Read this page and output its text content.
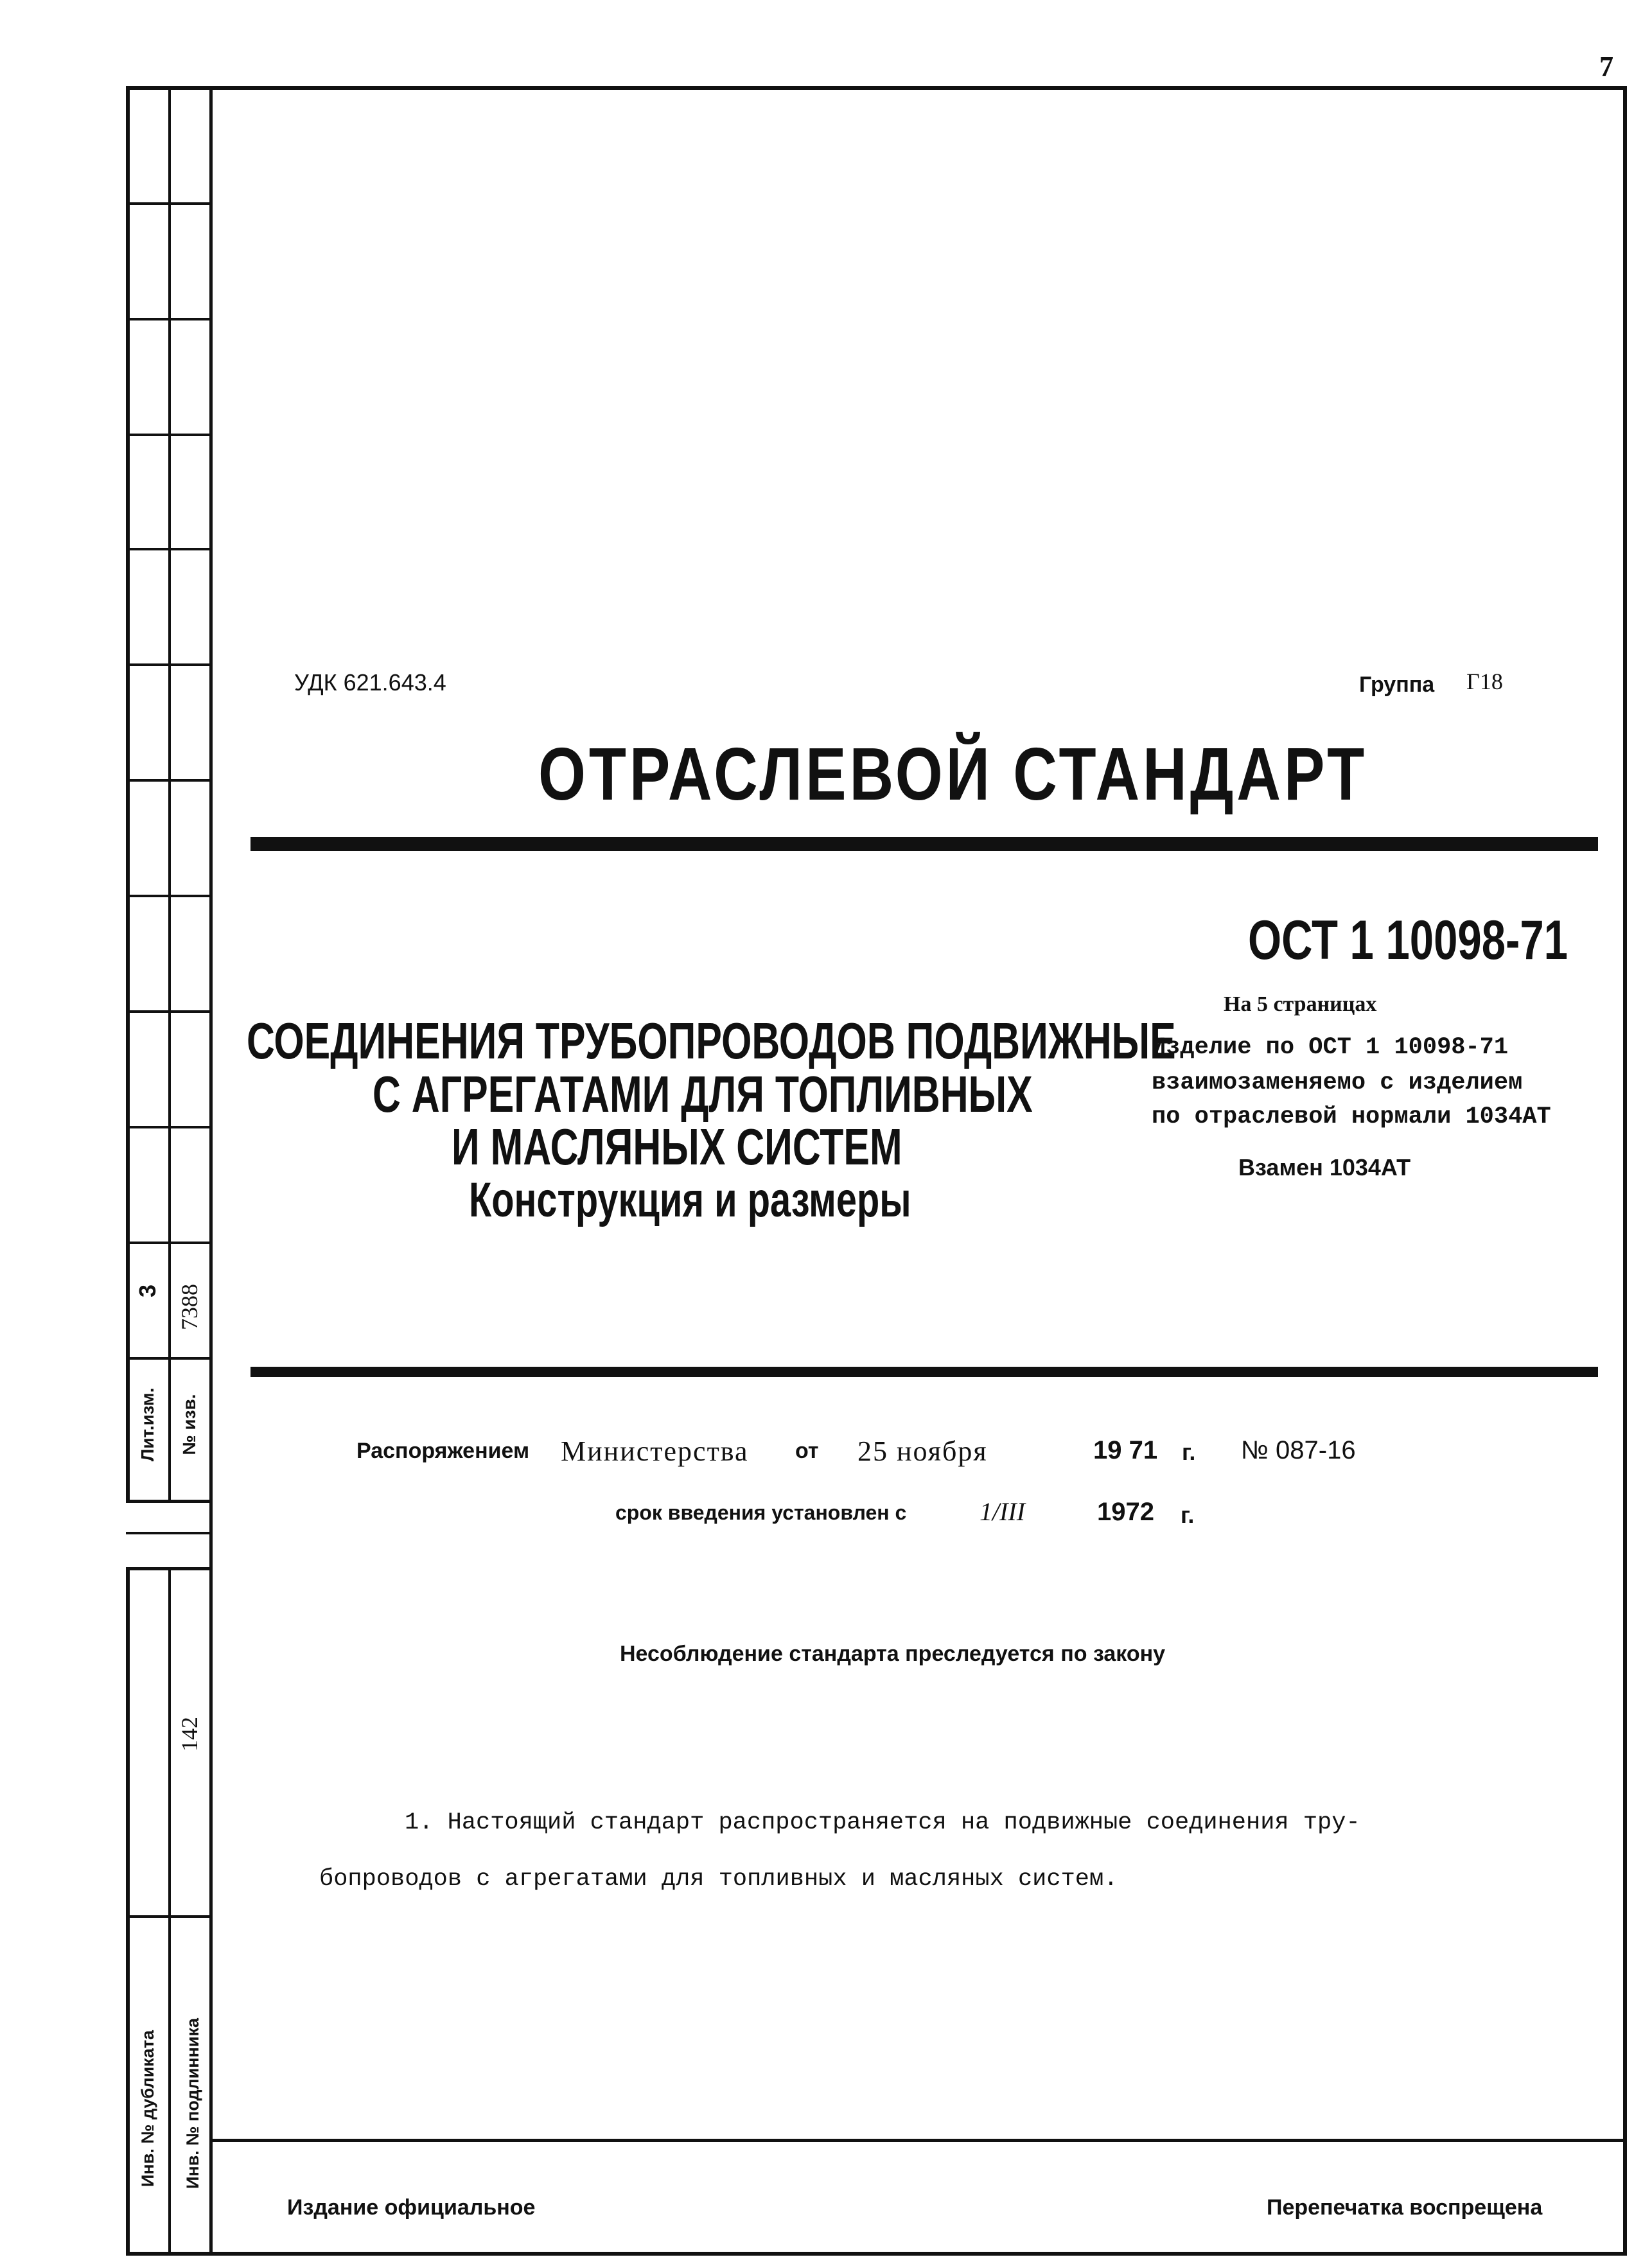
7
3 7388
Лит.изм. № изв.
142
Инв. № дубликата Инв. № подлинника
УДК 621.643.4	Группа Г18
ОТРАСЛЕВОЙ СТАНДАРТ
ОСТ 1 10098-71
На 5 страницах
Изделие по ОСТ 1 10098-71
взаимозаменяемо с изделием
по отраслевой нормали 1034АТ
Взамен 1034АТ
СОЕДИНЕНИЯ ТРУБОПРОВОДОВ ПОДВИЖНЫЕ
С АГРЕГАТАМИ ДЛЯ ТОПЛИВНЫХ
И МАСЛЯНЫХ СИСТЕМ
Конструкция и размеры
Распоряжением Министерства от 25 ноября	19 71 г. № 087-16
срок введения установлен с	1/III	1972 г.
Несоблюдение стандарта преследуется по закону
1. Настоящий стандарт распространяется на подвижные соединения тру-
бопроводов с агрегатами для топливных и масляных систем.
Издание официальное	Перепечатка воспрещена
